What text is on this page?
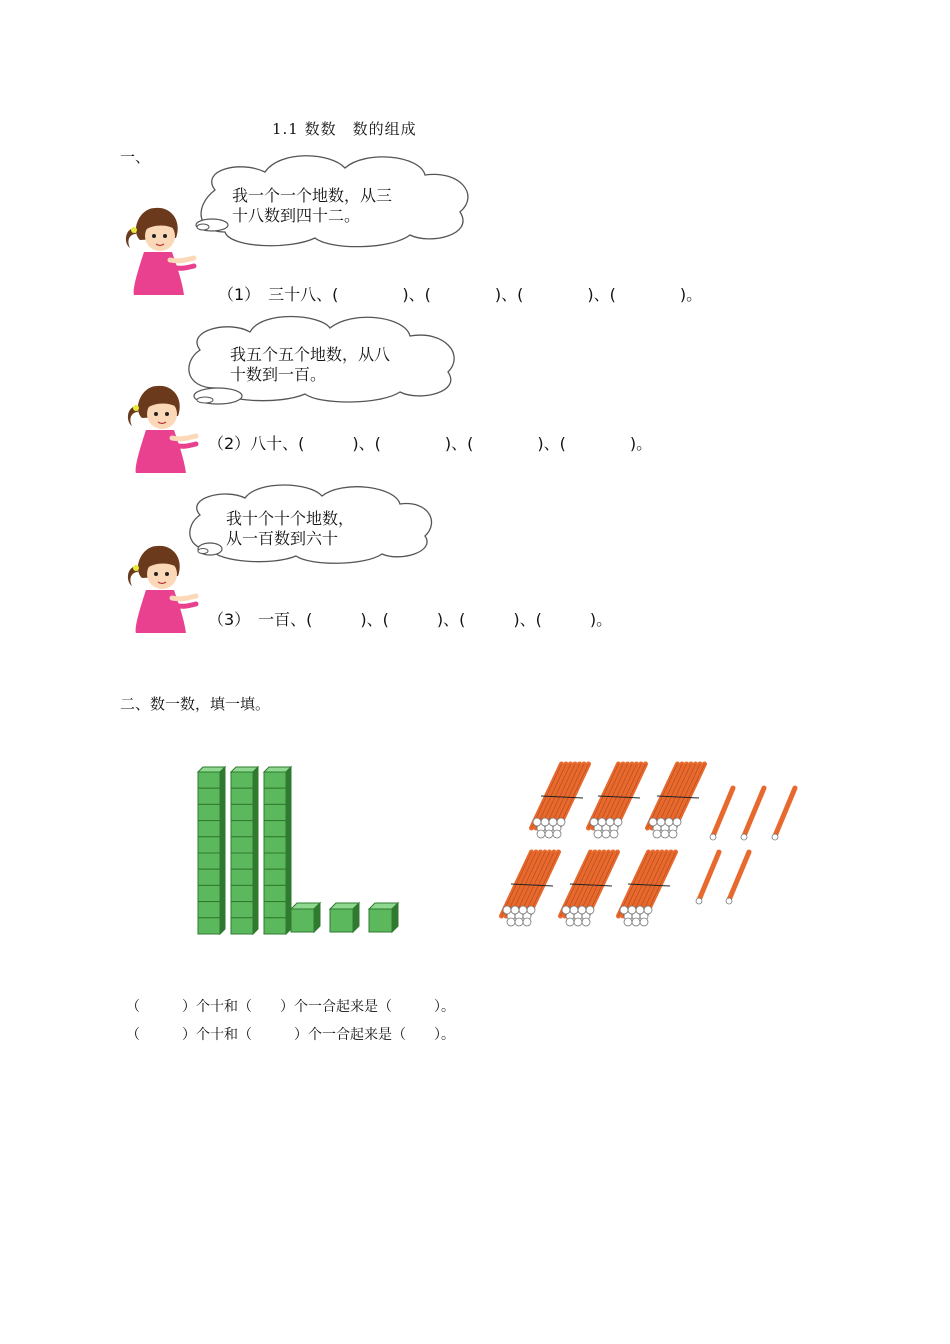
1.1 数数　数的组成
一、
我一个一个地数，从三
十八数到四十二。
（1）　三十八、(　　　　)、(　　　　)、(　　　　)、(　　　　)。
我五个五个地数，从八
十数到一百。
（2）八十、(　　　)、(　　　　)、(　　　　)、(　　　　)。
我十个十个地数，
从一百数到六十
（3）　一百、(　　　)、(　　　)、(　　　)、(　　　)。
二、数一数，填一填。
（　　　）个十和（　　）个一合起来是（　　　）。
（　　　）个十和（　　　）个一合起来是（　　）。
